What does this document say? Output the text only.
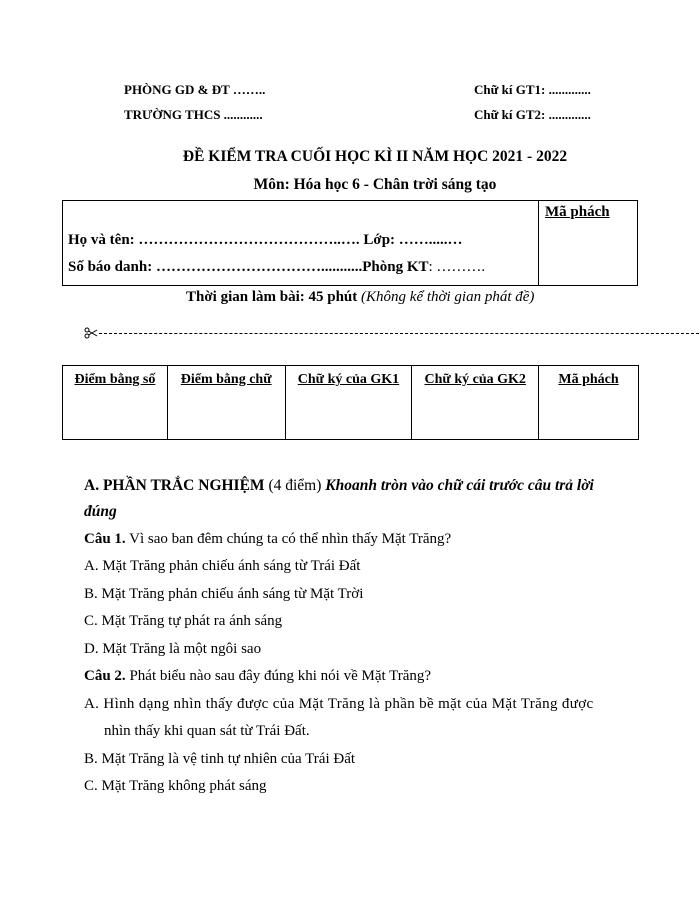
PHÒNG GD & ĐT ……..
TRƯỜNG THCS ............
Chữ kí GT1: .............
Chữ kí GT2: .............
ĐỀ KIỂM TRA CUỐI HỌC KÌ II NĂM HỌC 2021 - 2022
Môn: Hóa học 6 - Chân trời sáng tạo
Mã phách
Họ và tên: …………………………………..…. Lớp: …….....…
Số báo danh: ……………………………...........Phòng KT: ……….
Thời gian làm bài: 45 phút (Không kể thời gian phát đề)
Điểm bằng số	Điểm bằng chữ	Chữ ký của GK1	Chữ ký của GK2	Mã phách
A. PHẦN TRẮC NGHIỆM (4 điểm) Khoanh tròn vào chữ cái trước câu trả lời
đúng
Câu 1. Vì sao ban đêm chúng ta có thể nhìn thấy Mặt Trăng?
A. Mặt Trăng phản chiếu ánh sáng từ Trái Đất
B. Mặt Trăng phản chiếu ánh sáng từ Mặt Trời
C. Mặt Trăng tự phát ra ánh sáng
D. Mặt Trăng là một ngôi sao
Câu 2. Phát biểu nào sau đây đúng khi nói về Mặt Trăng?
A. Hình dạng nhìn thấy được của Mặt Trăng là phần bề mặt của Mặt Trăng được
nhìn thấy khi quan sát từ Trái Đất.
B. Mặt Trăng là vệ tinh tự nhiên của Trái Đất
C. Mặt Trăng không phát sáng
